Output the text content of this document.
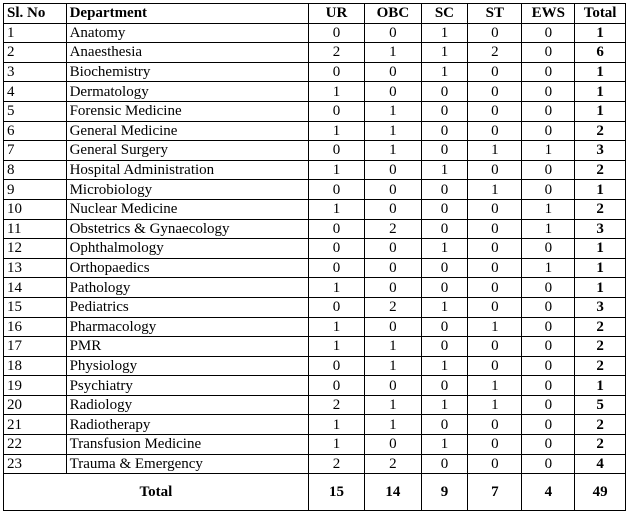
Sl. No	Department	UR	OBC	SC	ST	EWS	Total
1	Anatomy	0	0	1	0	0	1
2	Anaesthesia	2	1	1	2	0	6
3	Biochemistry	0	0	1	0	0	1
4	Dermatology	1	0	0	0	0	1
5	Forensic Medicine	0	1	0	0	0	1
6	General Medicine	1	1	0	0	0	2
7	General Surgery	0	1	0	1	1	3
8	Hospital Administration	1	0	1	0	0	2
9	Microbiology	0	0	0	1	0	1
10	Nuclear Medicine	1	0	0	0	1	2
11	Obstetrics & Gynaecology	0	2	0	0	1	3
12	Ophthalmology	0	0	1	0	0	1
13	Orthopaedics	0	0	0	0	1	1
14	Pathology	1	0	0	0	0	1
15	Pediatrics	0	2	1	0	0	3
16	Pharmacology	1	0	0	1	0	2
17	PMR	1	1	0	0	0	2
18	Physiology	0	1	1	0	0	2
19	Psychiatry	0	0	0	1	0	1
20	Radiology	2	1	1	1	0	5
21	Radiotherapy	1	1	0	0	0	2
22	Transfusion Medicine	1	0	1	0	0	2
23	Trauma & Emergency	2	2	0	0	0	4
Total		15	14	9	7	4	49
